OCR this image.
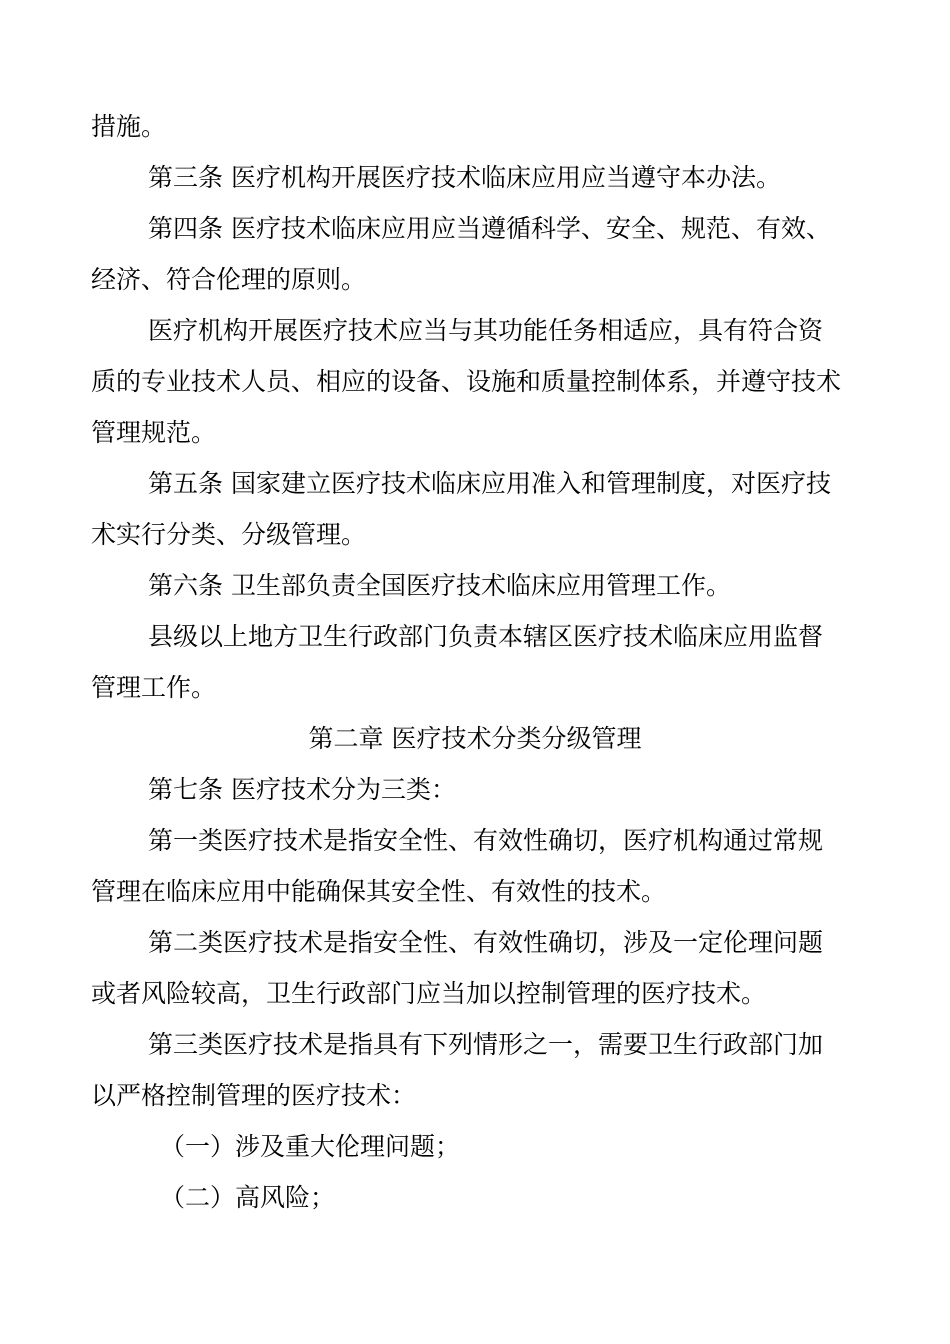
措施。
第三条 医疗机构开展医疗技术临床应用应当遵守本办法。
第四条 医疗技术临床应用应当遵循科学、安全、规范、有效、
经济、符合伦理的原则。
医疗机构开展医疗技术应当与其功能任务相适应，具有符合资
质的专业技术人员、相应的设备、设施和质量控制体系，并遵守技术
管理规范。
第五条 国家建立医疗技术临床应用准入和管理制度，对医疗技
术实行分类、分级管理。
第六条 卫生部负责全国医疗技术临床应用管理工作。
县级以上地方卫生行政部门负责本辖区医疗技术临床应用监督
管理工作。
第二章 医疗技术分类分级管理
第七条 医疗技术分为三类：
第一类医疗技术是指安全性、有效性确切，医疗机构通过常规
管理在临床应用中能确保其安全性、有效性的技术。
第二类医疗技术是指安全性、有效性确切，涉及一定伦理问题
或者风险较高，卫生行政部门应当加以控制管理的医疗技术。
第三类医疗技术是指具有下列情形之一，需要卫生行政部门加
以严格控制管理的医疗技术：
（一）涉及重大伦理问题；
（二）高风险；
